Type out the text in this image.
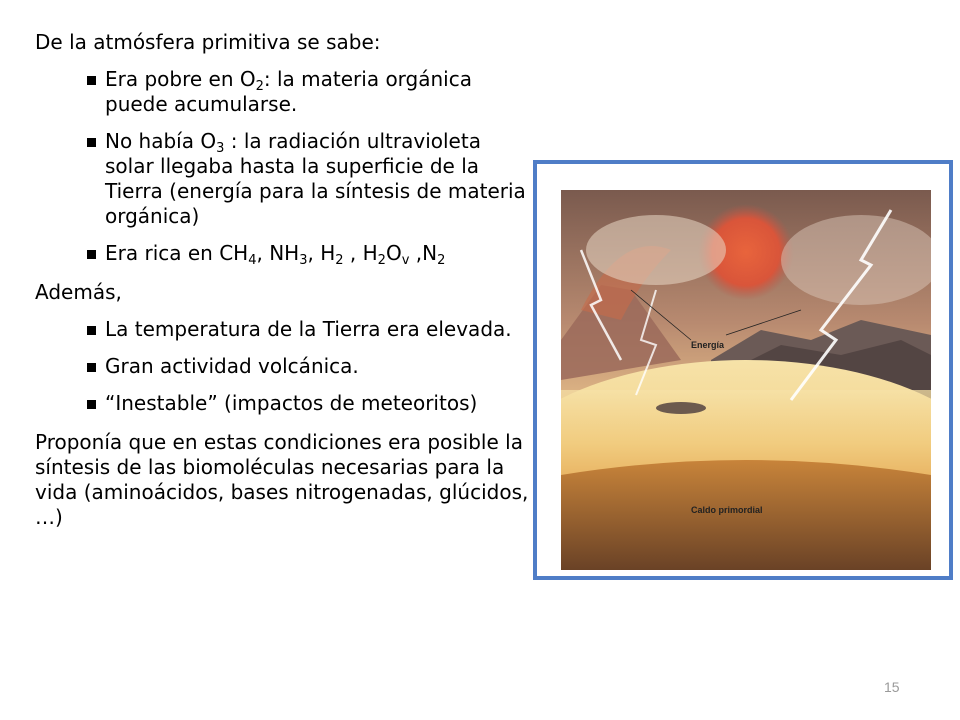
De la atmósfera primitiva se sabe:

Era pobre en $O_2$: la materia orgánica puede acumularse.
No había $O_3$ : la radiación ultravioleta solar llegaba hasta la superficie de la Tierra (energía para la síntesis de materia orgánica)
Era rica en $CH_4$, $NH_3$, $H_2$ , $H_2O_v$ $,N_2$

Además,

La temperatura de la Tierra era elevada.
Gran actividad volcánica.
“Inestable” (impactos de meteoritos)

Proponía que en estas condiciones era posible la síntesis de las biomoléculas necesarias para la vida (aminoácidos, bases nitrogenadas, glúcidos, …)

Energía
Caldo primordial
15
